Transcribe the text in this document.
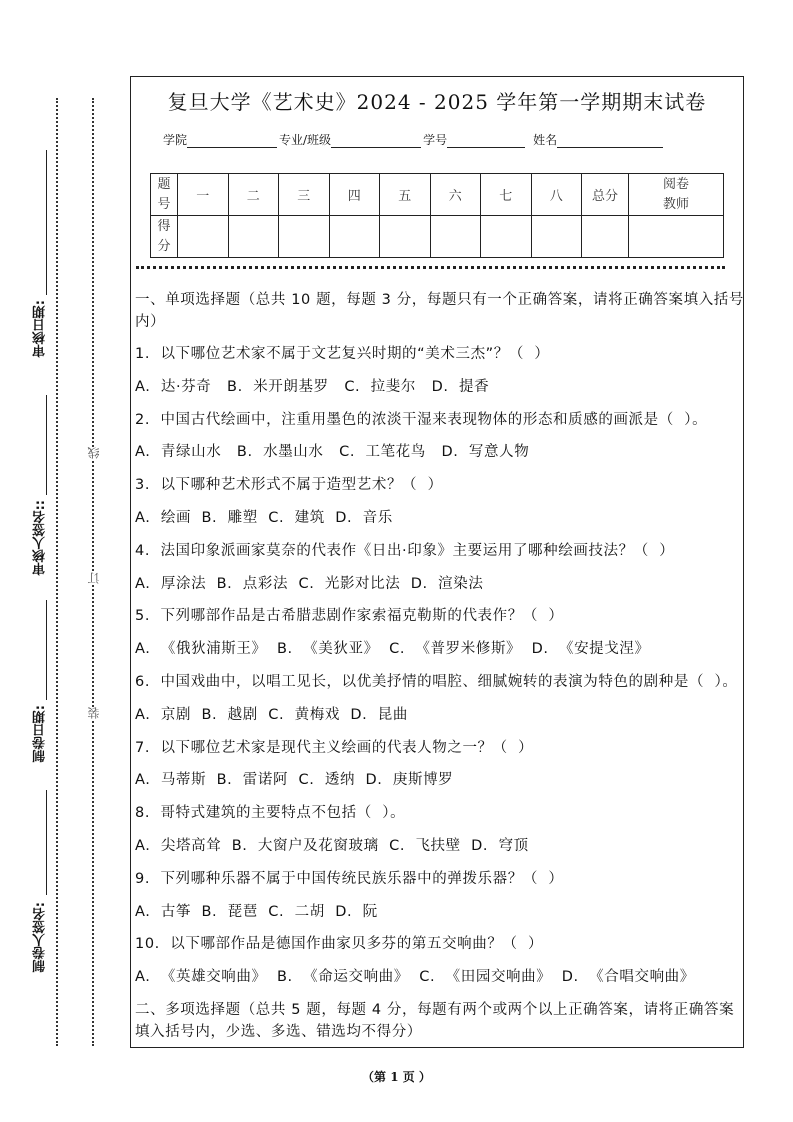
审核日期:
审核人签名::
制卷日期:
制卷人签名:
线
订
装
复旦大学《艺术史》2024 - 2025 学年第一学期期末试卷
学院	专业/班级	学号	姓名
题
号	一	二	三	四	五	六	七	八	总分	阅卷
教师
得
分										
一、单项选择题（总共 10 题，每题 3 分，每题只有一个正确答案，请将正确答案填入括号内）
1.  以下哪位艺术家不属于文艺复兴时期的“美术三杰”？（  ）
A.  达·芬奇   B.  米开朗基罗   C.  拉斐尔   D.  提香
2.  中国古代绘画中，注重用墨色的浓淡干湿来表现物体的形态和质感的画派是（  ）。
A.  青绿山水   B.  水墨山水   C.  工笔花鸟   D.  写意人物
3.  以下哪种艺术形式不属于造型艺术？（  ）
A.  绘画  B.  雕塑  C.  建筑  D.  音乐
4.  法国印象派画家莫奈的代表作《日出·印象》主要运用了哪种绘画技法？（  ）
A.  厚涂法  B.  点彩法  C.  光影对比法  D.  渲染法
5.  下列哪部作品是古希腊悲剧作家索福克勒斯的代表作？（  ）
A.  《俄狄浦斯王》  B.  《美狄亚》  C.  《普罗米修斯》  D.  《安提戈涅》
6.  中国戏曲中，以唱工见长，以优美抒情的唱腔、细腻婉转的表演为特色的剧种是（  ）。
A.  京剧  B.  越剧  C.  黄梅戏  D.  昆曲
7.  以下哪位艺术家是现代主义绘画的代表人物之一？（  ）
A.  马蒂斯  B.  雷诺阿  C.  透纳  D.  庚斯博罗
8.  哥特式建筑的主要特点不包括（  ）。
A.  尖塔高耸  B.  大窗户及花窗玻璃  C.  飞扶壁  D.  穹顶
9.  下列哪种乐器不属于中国传统民族乐器中的弹拨乐器？（  ）
A.  古筝  B.  琵琶  C.  二胡  D.  阮
10.  以下哪部作品是德国作曲家贝多芬的第五交响曲？（  ）
A.  《英雄交响曲》  B.  《命运交响曲》  C.  《田园交响曲》  D.  《合唱交响曲》
二、多项选择题（总共 5 题，每题 4 分，每题有两个或两个以上正确答案，请将正确答案填入括号内，少选、多选、错选均不得分）
（第 1 页 ）
